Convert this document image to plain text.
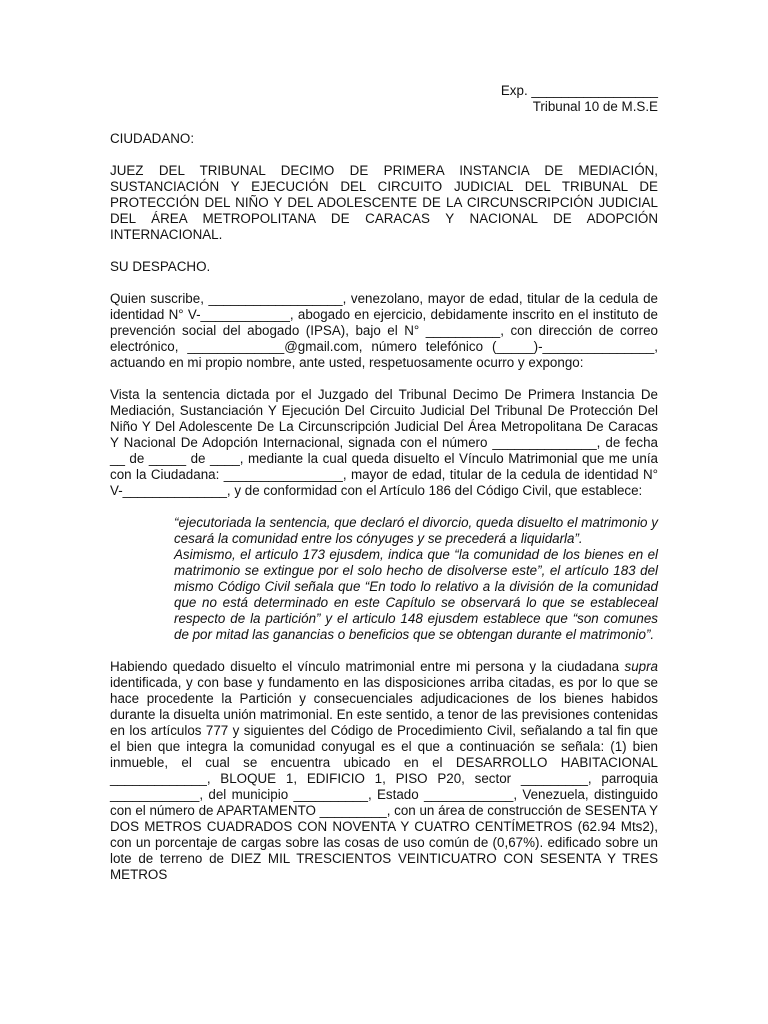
Exp. _________________
Tribunal 10 de M.S.E
CIUDADANO:

JUEZ DEL TRIBUNAL DECIMO DE PRIMERA INSTANCIA DE MEDIACIÓN, SUSTANCIACIÓN Y EJECUCIÓN DEL CIRCUITO JUDICIAL DEL TRIBUNAL DE PROTECCIÓN DEL NIÑO Y DEL ADOLESCENTE DE LA CIRCUNSCRIPCIÓN JUDICIAL DEL ÁREA METROPOLITANA DE CARACAS Y NACIONAL DE ADOPCIÓN INTERNACIONAL.

SU DESPACHO.

Quien suscribe, __________________, venezolano, mayor de edad, titular de la cedula de identidad N° V-____________, abogado en ejercicio, debidamente inscrito en el instituto de prevención social del abogado (IPSA), bajo el N° __________, con dirección de correo electrónico, _____________@gmail.com, número telefónico (_____)-_______________, actuando en mi propio nombre, ante usted, respetuosamente ocurro y expongo:

Vista la sentencia dictada por el Juzgado del Tribunal Decimo De Primera Instancia De Mediación, Sustanciación Y Ejecución Del Circuito Judicial Del Tribunal De Protección Del Niño Y Del Adolescente De La Circunscripción Judicial Del Área Metropolitana De Caracas Y Nacional De Adopción Internacional, signada con el número ______________, de fecha __ de _____ de ____, mediante la cual queda disuelto el Vínculo Matrimonial que me unía con la Ciudadana: ________________, mayor de edad, titular de la cedula de identidad N° V-______________, y de conformidad con el Artículo 186 del Código Civil, que establece:

“ejecutoriada la sentencia, que declaró el divorcio, queda disuelto el matrimonio y cesará la comunidad entre los cónyuges y se precederá a liquidarla”.

Asimismo, el articulo 173 ejusdem, indica que “la comunidad de los bienes en el matrimonio se extingue por el solo hecho de disolverse este”, el artículo 183 del mismo Código Civil señala que “En todo lo relativo a la división de la comunidad que no está determinado en este Capítulo se observará lo que se estableceal respecto de la partición” y el articulo 148 ejusdem establece que “son comunes de por mitad las ganancias o beneficios que se obtengan durante el matrimonio”.

Habiendo quedado disuelto el vínculo matrimonial entre mi persona y la ciudadana supra identificada, y con base y fundamento en las disposiciones arriba citadas, es por lo que se hace procedente la Partición y consecuenciales adjudicaciones de los bienes habidos durante la disuelta unión matrimonial. En este sentido, a tenor de las previsiones contenidas en los artículos 777 y siguientes del Código de Procedimiento Civil, señalando a tal fin que el bien que integra la comunidad conyugal es el que a continuación se señala: (1) bien inmueble, el cual se encuentra ubicado en el DESARROLLO HABITACIONAL _____________, BLOQUE 1, EDIFICIO 1, PISO P20, sector _________, parroquia ____________, del municipio __________, Estado ____________, Venezuela, distinguido con el número de APARTAMENTO _________, con un área de construcción de SESENTA Y DOS METROS CUADRADOS CON NOVENTA Y CUATRO CENTÍMETROS (62.94 Mts2), con un porcentaje de cargas sobre las cosas de uso común de (0,67%). edificado sobre un lote de terreno de DIEZ MIL TRESCIENTOS VEINTICUATRO CON SESENTA Y TRES METROS
